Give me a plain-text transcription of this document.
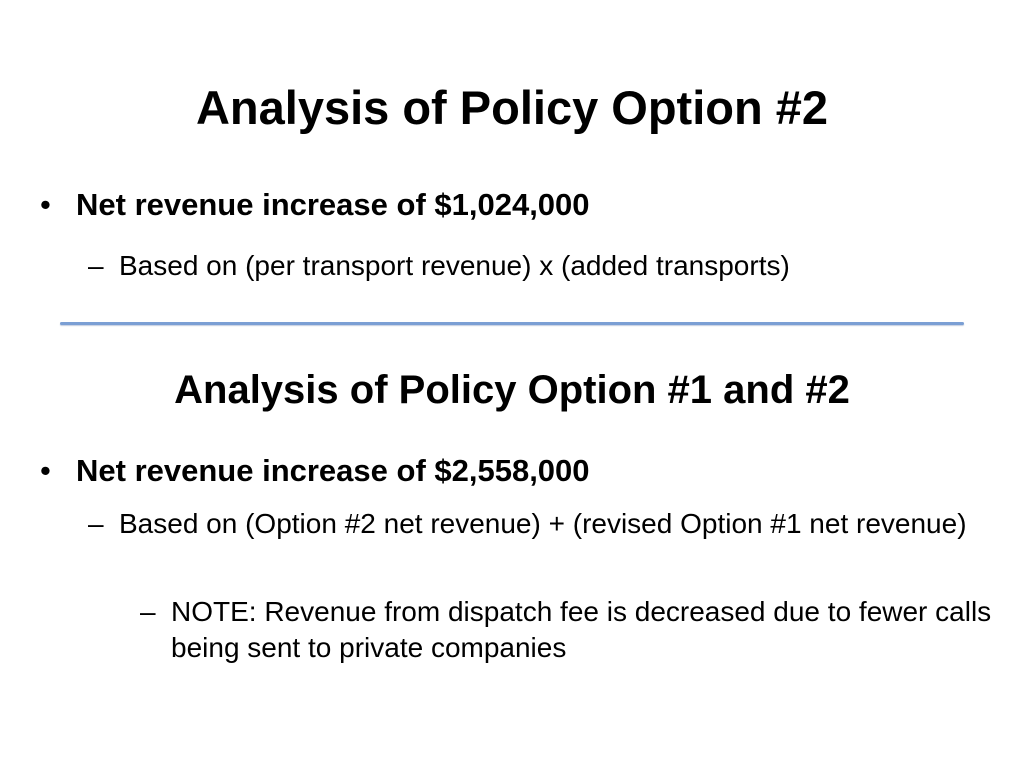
Analysis of Policy Option #2
• Net revenue increase of $1,024,000
– Based on (per transport revenue) x (added transports)
Analysis of Policy Option #1 and #2
• Net revenue increase of $2,558,000
– Based on (Option #2 net revenue) + (revised Option #1 net revenue)
– NOTE: Revenue from dispatch fee is decreased due to fewer calls being sent to private companies
